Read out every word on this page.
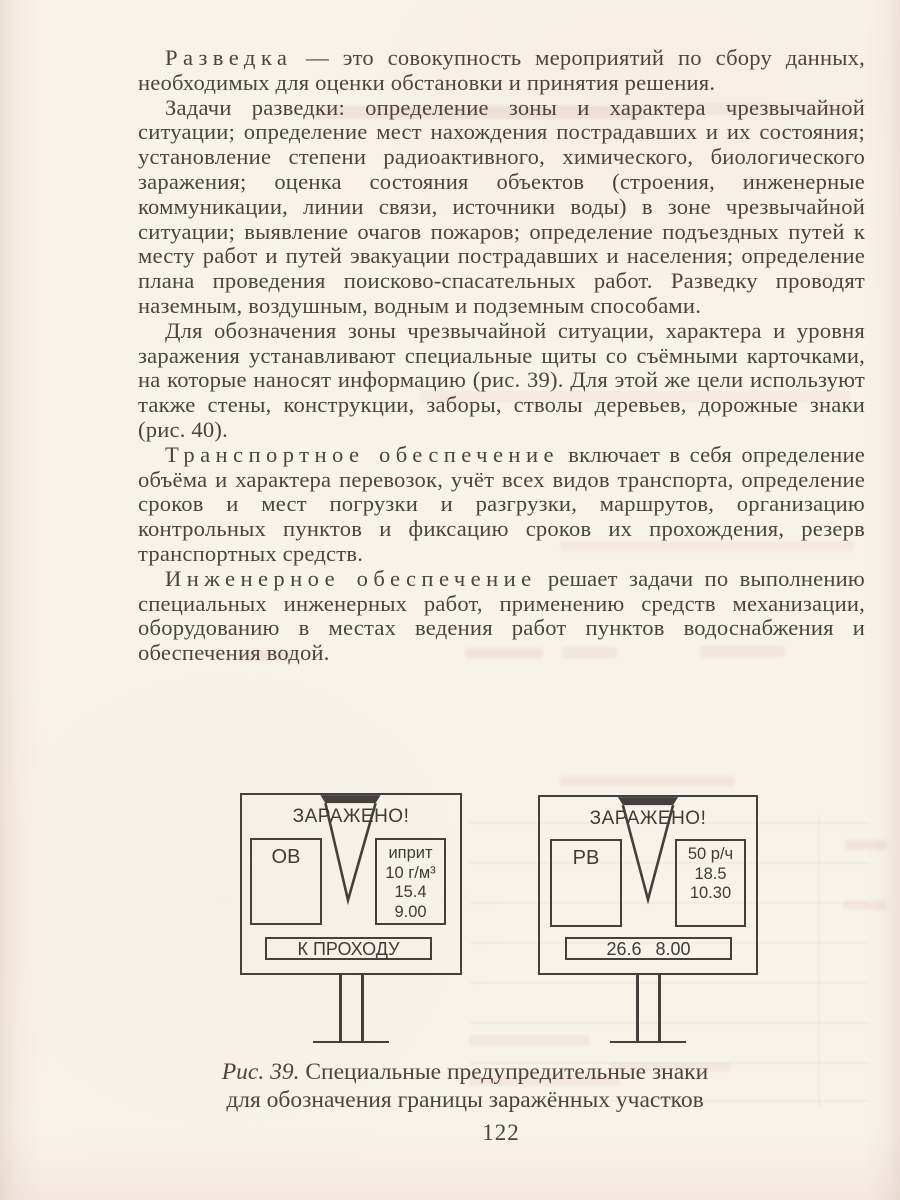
Разведка — это совокупность мероприятий по сбору данных, необходимых для оценки обстановки и принятия решения.

Задачи разведки: определение зоны и характера чрезвычайной ситуации; определение мест нахождения пострадавших и их состояния; установление степени радиоактивного, химического, биологического заражения; оценка состояния объектов (строения, инженерные коммуникации, линии связи, источники воды) в зоне чрезвычайной ситуации; выявление очагов пожаров; определение подъездных путей к месту работ и путей эвакуации пострадавших и населения; определение плана проведения поисково-спасательных работ. Разведку проводят наземным, воздушным, водным и подземным способами.

Для обозначения зоны чрезвычайной ситуации, характера и уровня заражения устанавливают специальные щиты со съёмными карточками, на которые наносят информацию (рис. 39). Для этой же цели используют также стены, конструкции, заборы, стволы деревьев, дорожные знаки (рис. 40).

Транспортное обеспечение включает в себя определение объёма и характера перевозок, учёт всех видов транспорта, определение сроков и мест погрузки и разгрузки, маршрутов, организацию контрольных пунктов и фиксацию сроков их прохождения, резерв транспортных средств.

Инженерное обеспечение решает задачи по выполнению специальных инженерных работ, применению средств механизации, оборудованию в местах ведения работ пунктов водоснабжения и обеспечения водой.

ЗАРАЖЕНО!
ОВ	иприт
10 г/м³
15.4
9.00
К ПРОХОДУ
ЗАРАЖЕНО!
РВ	50 р/ч
18.5
10.30
26.6 8.00
Рис. 39. Специальные предупредительные знаки
для обозначения границы заражённых участков
122
